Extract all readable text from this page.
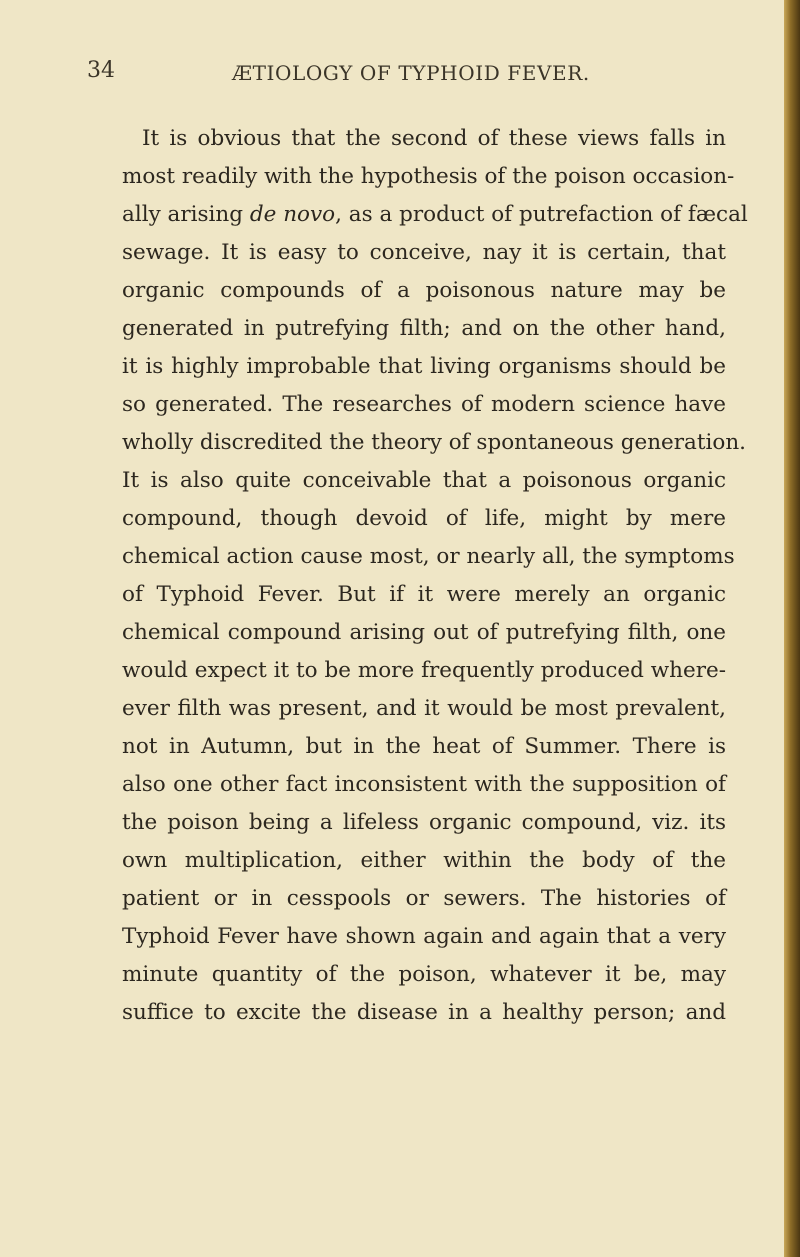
34	ÆTIOLOGY OF TYPHOID FEVER.
It is obvious that the second of these views falls in
most readily with the hypothesis of the poison occasion-
ally arising de novo, as a product of putrefaction of fæcal
sewage. It is easy to conceive, nay it is certain, that
organic compounds of a poisonous nature may be
generated in putrefying filth; and on the other hand,
it is highly improbable that living organisms should be
so generated. The researches of modern science have
wholly discredited the theory of spontaneous generation.
It is also quite conceivable that a poisonous organic
compound, though devoid of life, might by mere
chemical action cause most, or nearly all, the symptoms
of Typhoid Fever. But if it were merely an organic
chemical compound arising out of putrefying filth, one
would expect it to be more frequently produced where-
ever filth was present, and it would be most prevalent,
not in Autumn, but in the heat of Summer. There is
also one other fact inconsistent with the supposition of
the poison being a lifeless organic compound, viz. its
own multiplication, either within the body of the
patient or in cesspools or sewers. The histories of
Typhoid Fever have shown again and again that a very
minute quantity of the poison, whatever it be, may
suffice to excite the disease in a healthy person; and
